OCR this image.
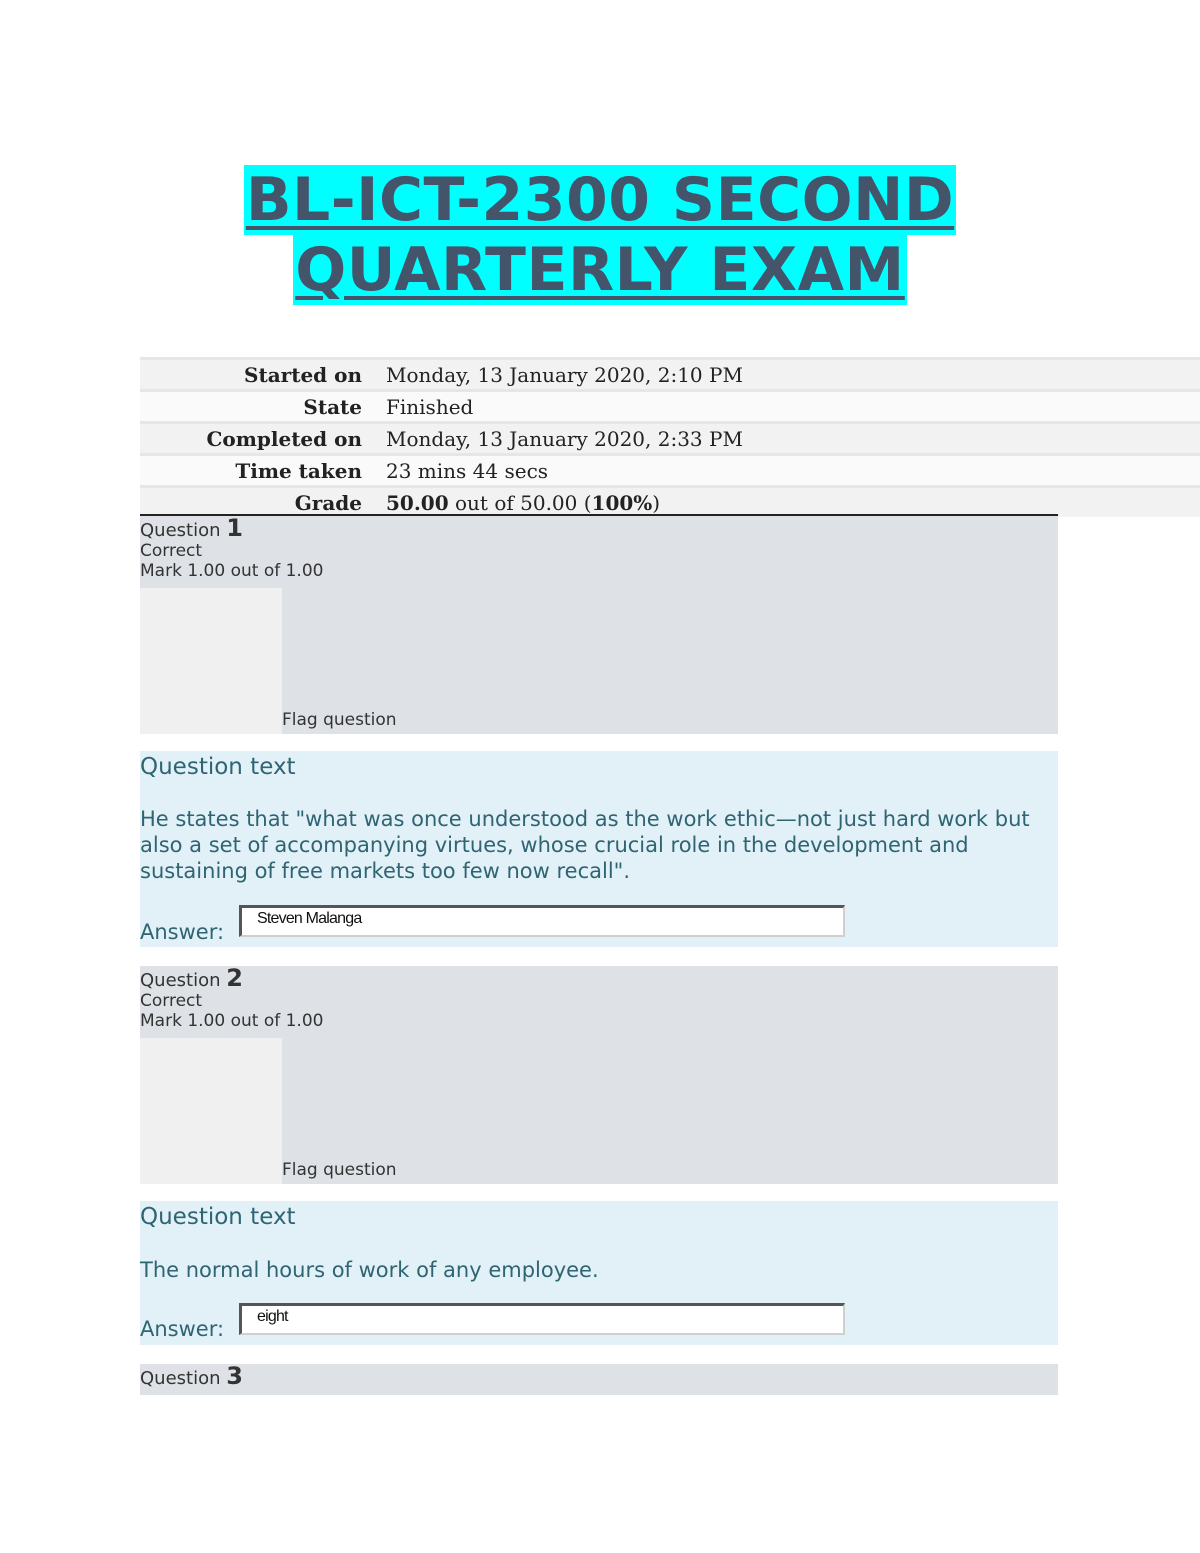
BL-ICT-2300 SECOND
QUARTERLY EXAM
Started on	Monday, 13 January 2020, 2:10 PM
State	Finished
Completed on	Monday, 13 January 2020, 2:33 PM
Time taken	23 mins 44 secs
Grade	50.00 out of 50.00 (100%)
Question 1
Correct
Mark 1.00 out of 1.00
Flag question
Question text
He states that "what was once understood as the work ethic—not just hard work but also a set of accompanying virtues, whose crucial role in the development and sustaining of free markets too few now recall".
Answer:
Steven Malanga
Question 2
Correct
Mark 1.00 out of 1.00
Flag question
Question text
The normal hours of work of any employee.
Answer:
eight
Question 3
